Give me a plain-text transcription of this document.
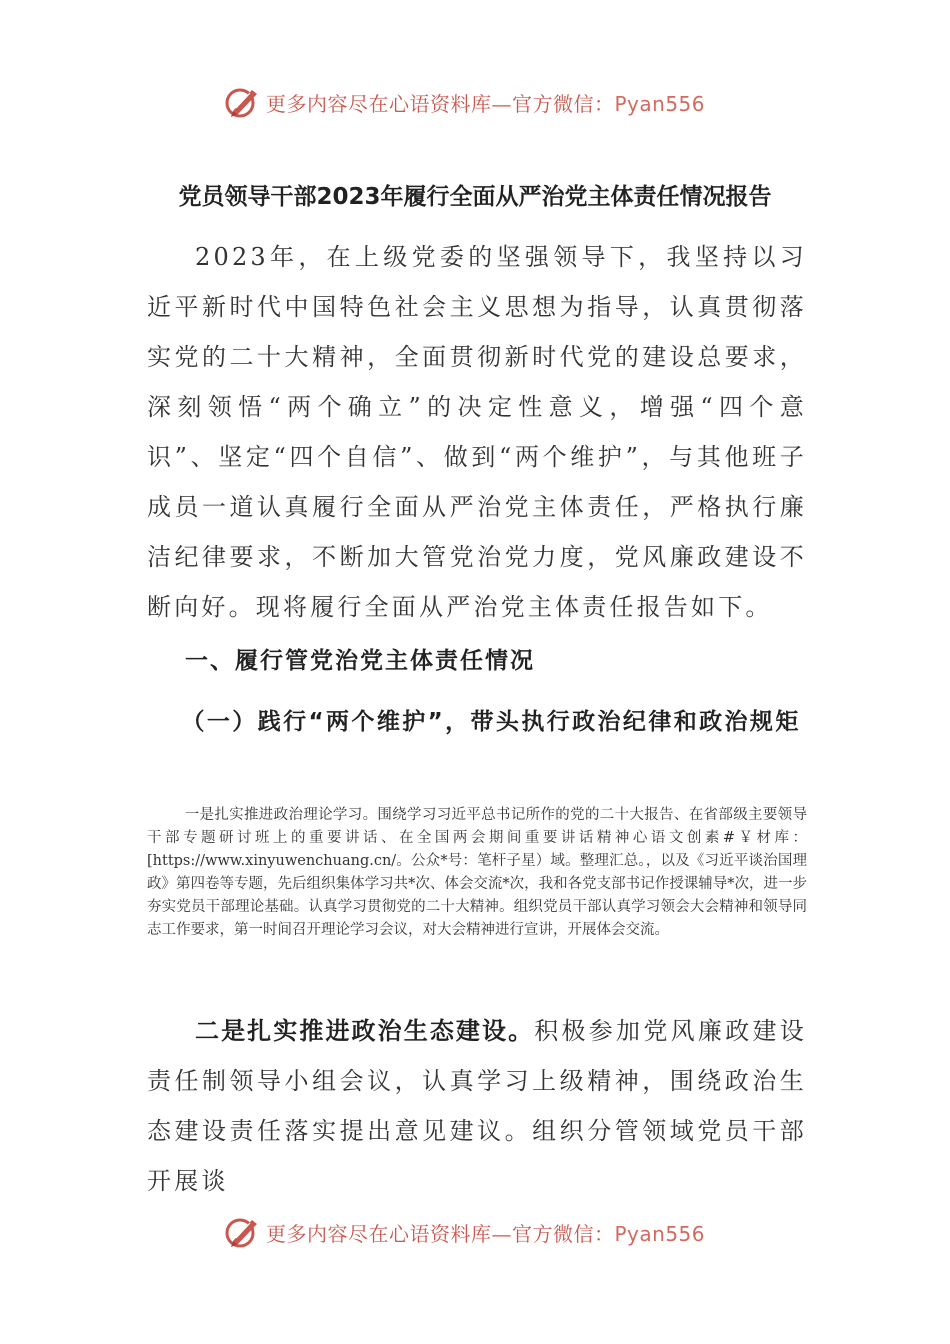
更多内容尽在心语资料库—官方微信：Pyan556
党员领导干部2023年履行全面从严治党主体责任情况报告

2023年，在上级党委的坚强领导下，我坚持以习近平新时代中国特色社会主义思想为指导，认真贯彻落实党的二十大精神，全面贯彻新时代党的建设总要求，深刻领悟“两个确立”的决定性意义，增强“四个意识”、坚定“四个自信”、做到“两个维护”，与其他班子成员一道认真履行全面从严治党主体责任，严格执行廉洁纪律要求，不断加大管党治党力度，党风廉政建设不断向好。现将履行全面从严治党主体责任报告如下。

一、履行管党治党主体责任情况

（一）践行“两个维护”，带头执行政治纪律和政治规矩

一是扎实推进政治理论学习。围绕学习习近平总书记所作的党的二十大报告、在省部级主要领导干部专题研讨班上的重要讲话、在全国两会期间重要讲话精神心语文创素#￥材库：[https://www.xinyuwenchuang.cn/。公众*号：笔杆子星）域。整理汇总。，以及《习近平谈治国理政》第四卷等专题，先后组织集体学习共*次、体会交流*次，我和各党支部书记作授课辅导*次，进一步夯实党员干部理论基础。认真学习贯彻党的二十大精神。组织党员干部认真学习领会大会精神和领导同志工作要求，第一时间召开理论学习会议，对大会精神进行宣讲，开展体会交流。

二是扎实推进政治生态建设。积极参加党风廉政建设责任制领导小组会议，认真学习上级精神，围绕政治生态建设责任落实提出意见建议。组织分管领域党员干部开展谈

更多内容尽在心语资料库—官方微信：Pyan556
